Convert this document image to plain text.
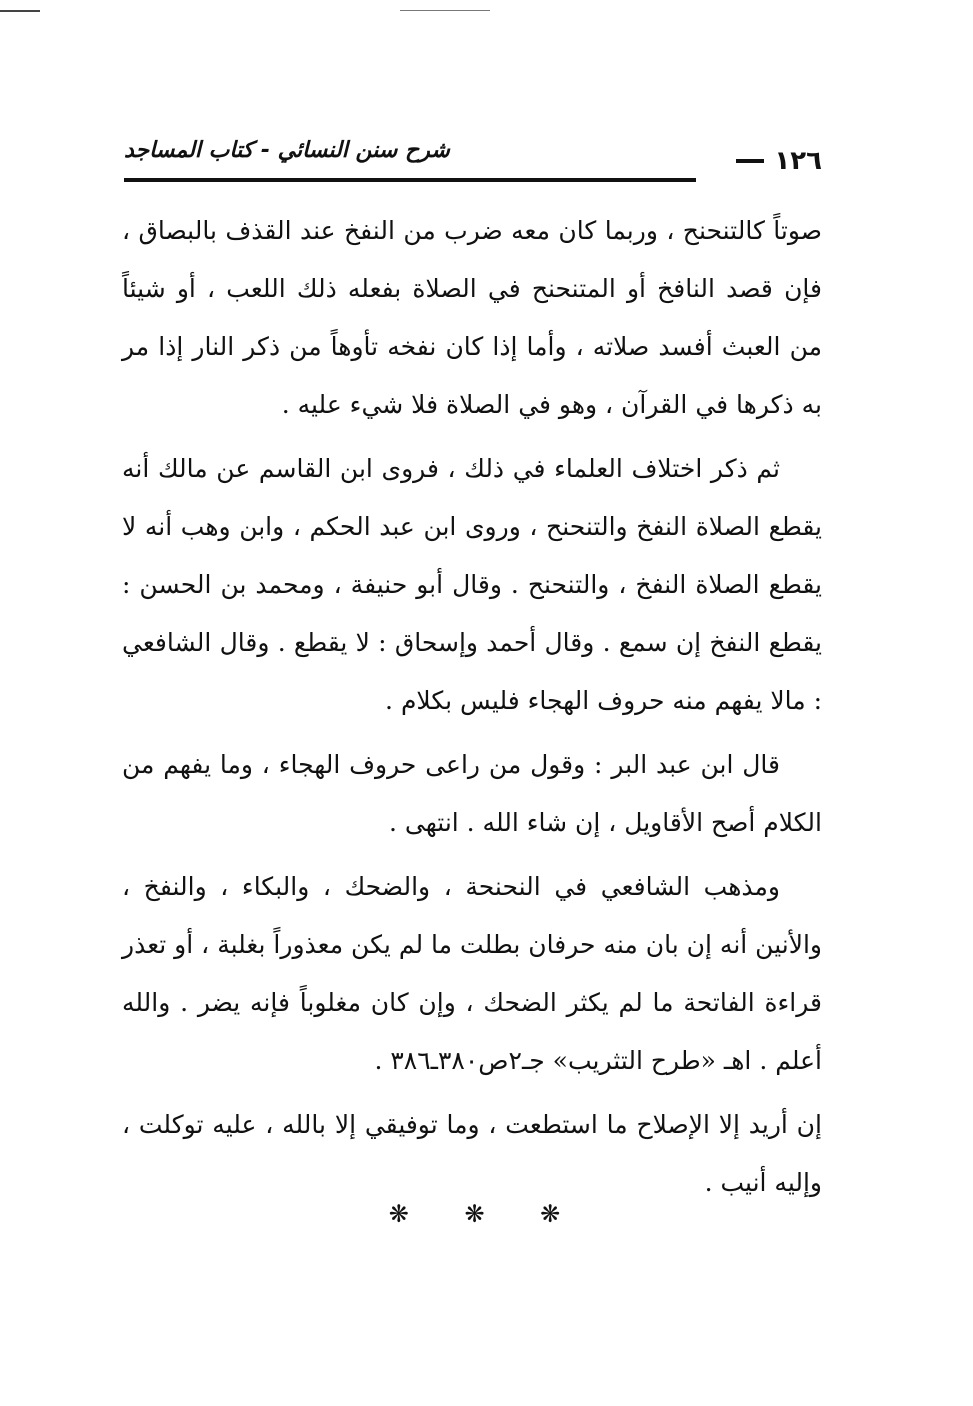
١٢٦
شرح سنن النسائي - كتاب المساجد

صوتاً كالتنحنح ، وربما كان معه ضرب من النفخ عند القذف بالبصاق ، فإن قصد النافخ أو المتنحنح في الصلاة بفعله ذلك اللعب ، أو شيئاً من العبث أفسد صلاته ، وأما إذا كان نفخه تأوهاً من ذكر النار إذا مر به ذكرها في القرآن ، وهو في الصلاة فلا شيء عليه .

ثم ذكر اختلاف العلماء في ذلك ، فروى ابن القاسم عن مالك أنه يقطع الصلاة النفخ والتنحنح ، وروى ابن عبد الحكم ، وابن وهب أنه لا يقطع الصلاة النفخ ، والتنحنح . وقال أبو حنيفة ، ومحمد بن الحسن : يقطع النفخ إن سمع . وقال أحمد وإسحاق : لا يقطع . وقال الشافعي : مالا يفهم منه حروف الهجاء فليس بكلام .

قال ابن عبد البر : وقول من راعى حروف الهجاء ، وما يفهم من الكلام أصح الأقاويل ، إن شاء الله . انتهى .

ومذهب الشافعي في النحنحة ، والضحك ، والبكاء ، والنفخ ، والأنين أنه إن بان منه حرفان بطلت ما لم يكن معذوراً بغلبة ، أو تعذر قراءة الفاتحة ما لم يكثر الضحك ، وإن كان مغلوباً فإنه يضر . والله أعلم . اهـ «طرح التثريب» جـ٢ص٣٨٠ـ٣٨٦ .

إن أريد إلا الإصلاح ما استطعت ، وما توفيقي إلا بالله ، عليه توكلت ، وإليه أنيب .

❋ ❋ ❋
